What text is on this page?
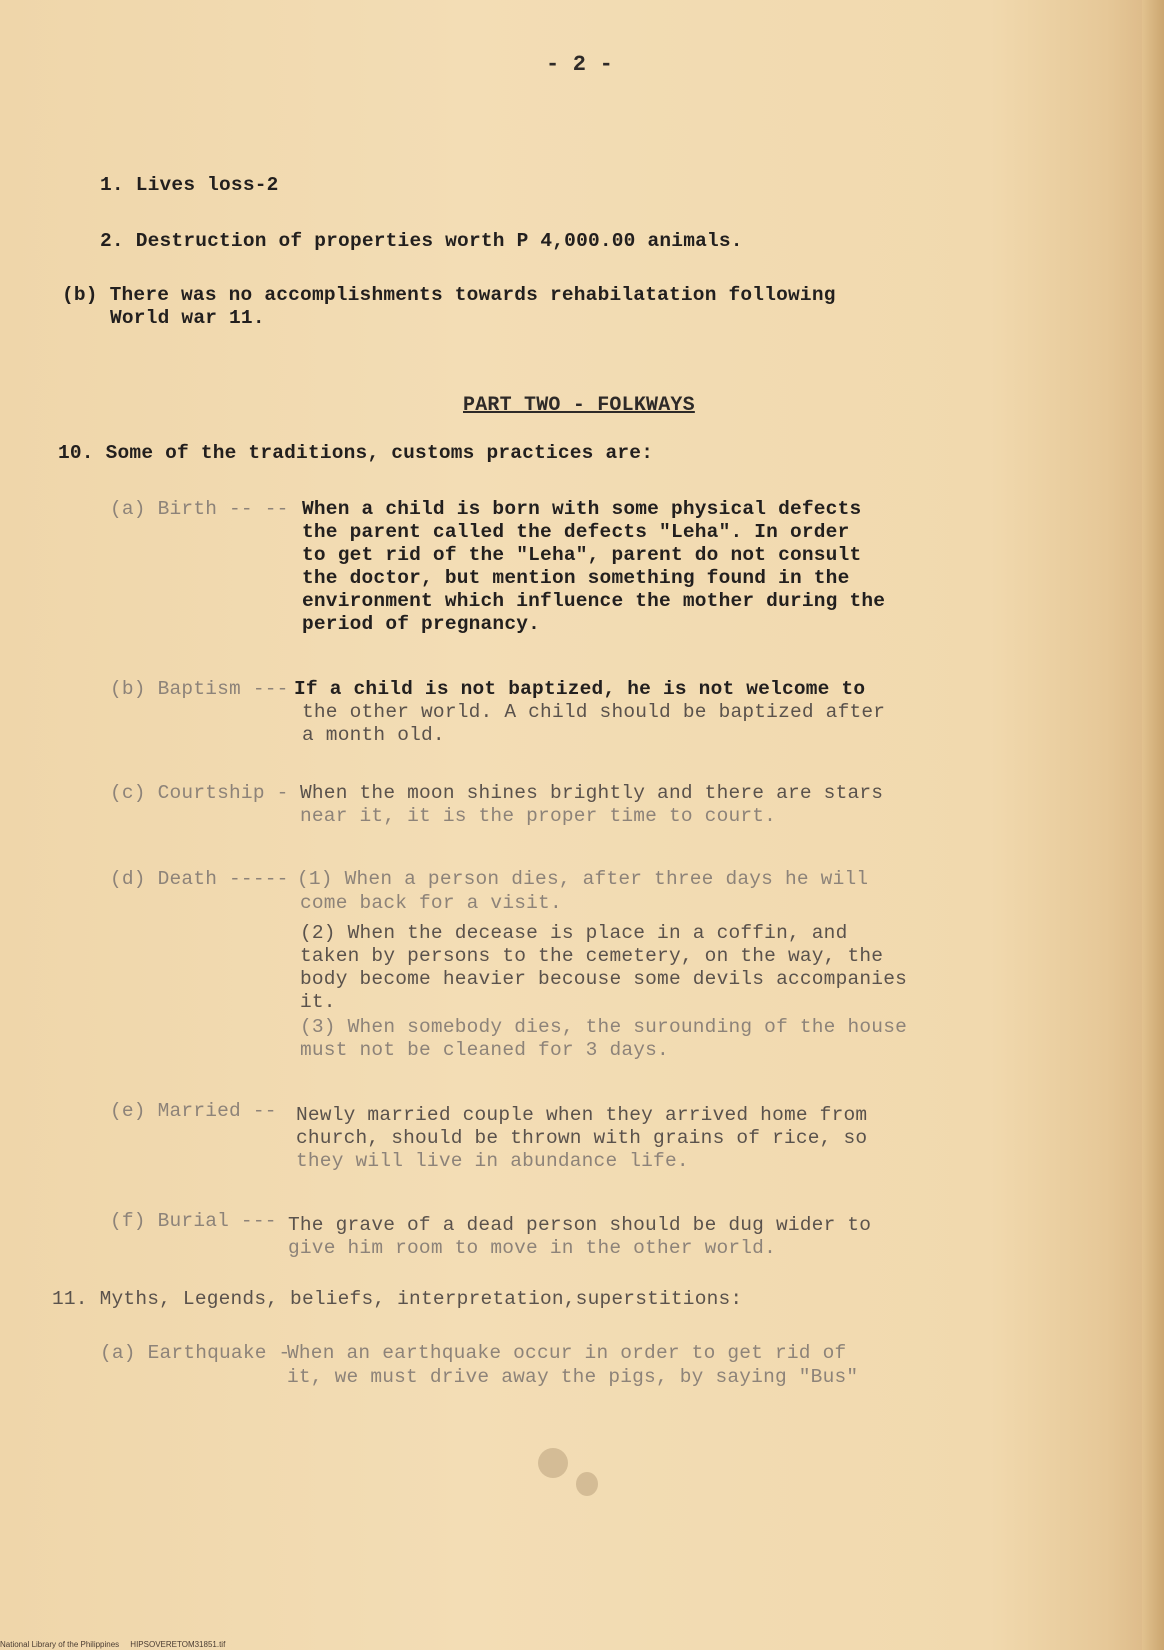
- 2 -
1. Lives loss-2
2. Destruction of properties worth P 4,000.00 animals.
(b) There was no accomplishments towards rehabilatation following
World war 11.
PART TWO - FOLKWAYS
10. Some of the traditions, customs practices are:
(a) Birth -- -- When a child is born with some physical defects
the parent called the defects "Leha". In order
to get rid of the "Leha", parent do not consult
the doctor, but mention something found in the
environment which influence the mother during the
period of pregnancy.
(b) Baptism --- If a child is not baptized, he is not welcome to
the other world. A child should be baptized after
a month old.
(c) Courtship - When the moon shines brightly and there are stars
near it, it is the proper time to court.
(d) Death ----- (1) When a person dies, after three days he will
come back for a visit.
(2) When the decease is place in a coffin, and
taken by persons to the cemetery, on the way, the
body become heavier becouse some devils accompanies
it.
(3) When somebody dies, the surounding of the house
must not be cleaned for 3 days.
(e) Married -- Newly married couple when they arrived home from
church, should be thrown with grains of rice, so
they will live in abundance life.
(f) Burial --- The grave of a dead person should be dug wider to
give him room to move in the other world.
11. Myths, Legends, beliefs, interpretation,superstitions:
(a) Earthquake -
When an earthquake occur in order to get rid of
it, we must drive away the pigs, by saying "Bus"
National Library of the Philippines     HIPSOVERETOM31851.tif
